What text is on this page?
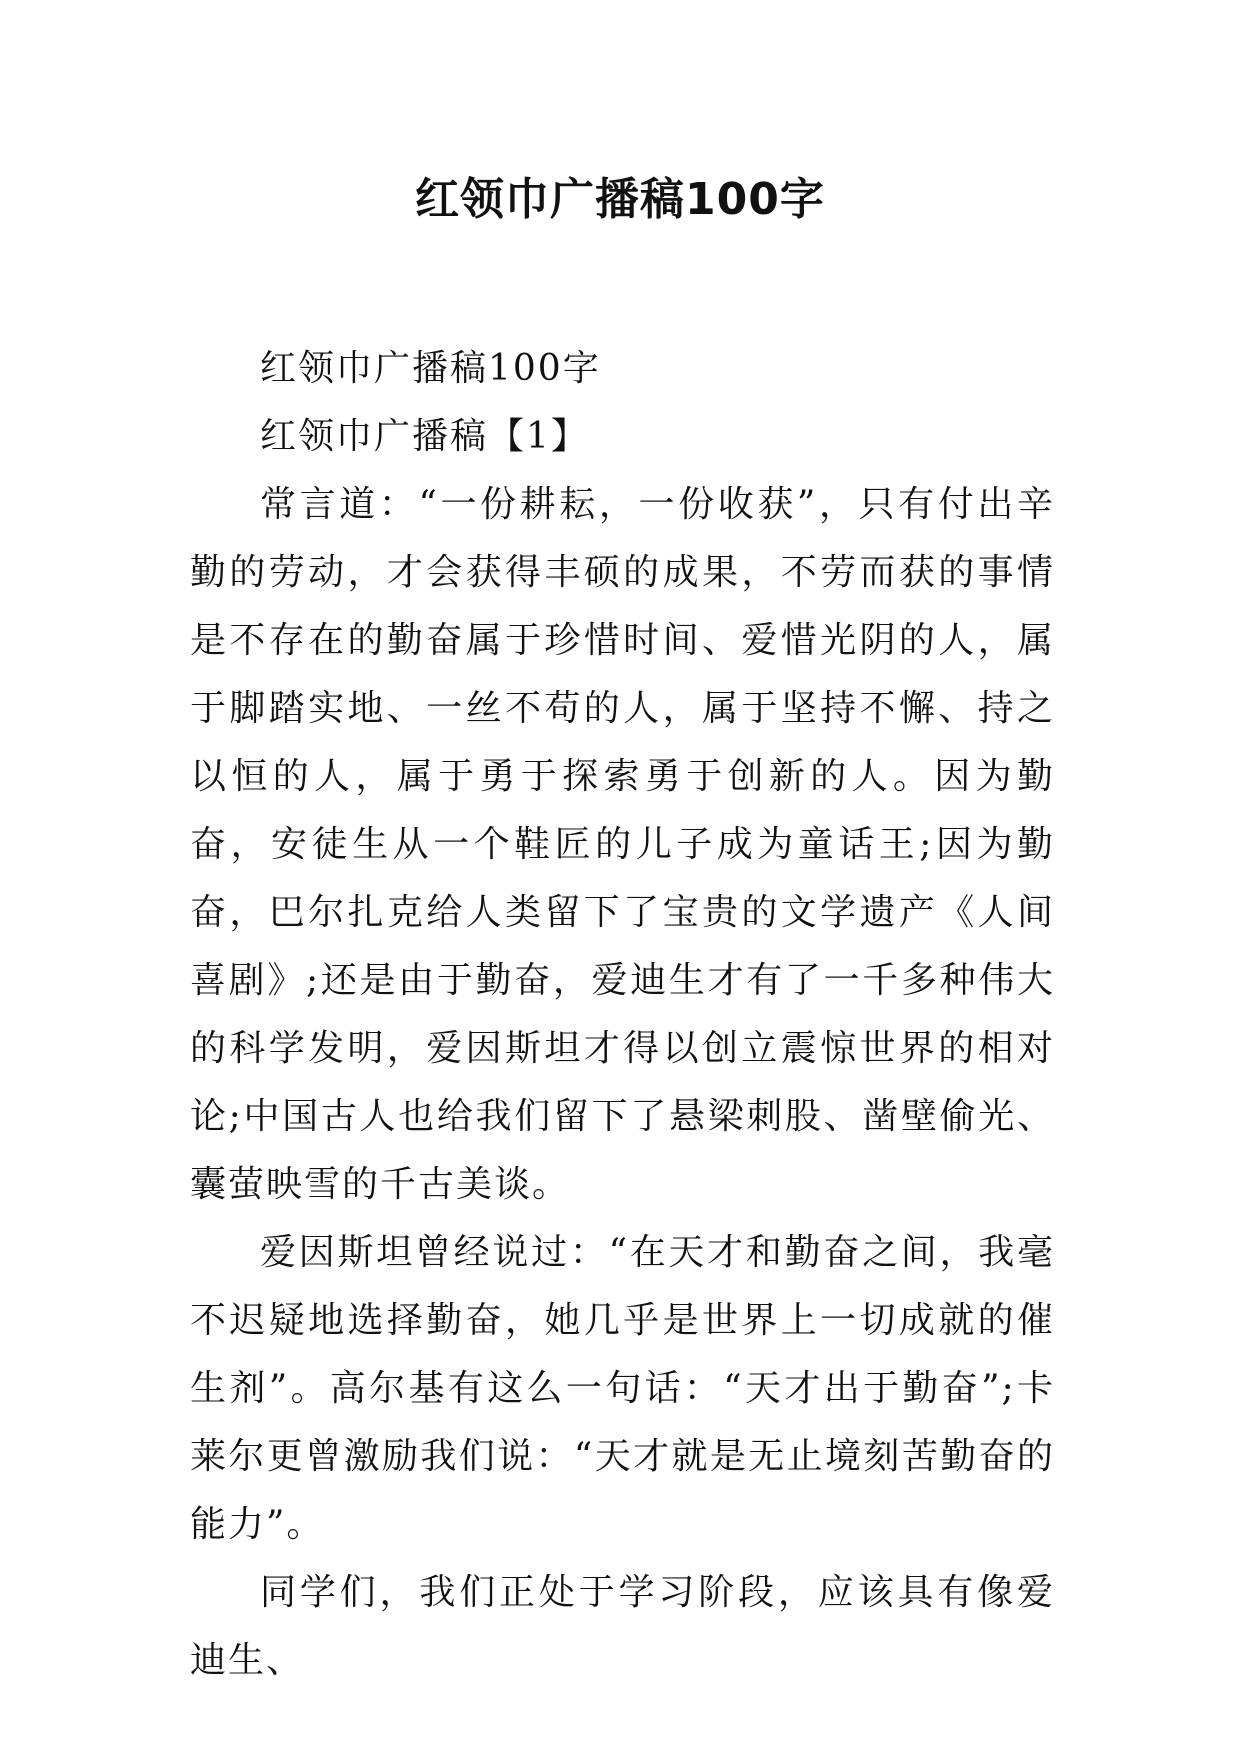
红领巾广播稿100字

红领巾广播稿100字

红领巾广播稿【1】

常言道：“一份耕耘，一份收获”，只有付出辛勤的劳动，才会获得丰硕的成果，不劳而获的事情是不存在的勤奋属于珍惜时间、爱惜光阴的人，属于脚踏实地、一丝不苟的人，属于坚持不懈、持之以恒的人，属于勇于探索勇于创新的人。因为勤奋，安徒生从一个鞋匠的儿子成为童话王;因为勤奋，巴尔扎克给人类留下了宝贵的文学遗产《人间喜剧》;还是由于勤奋，爱迪生才有了一千多种伟大的科学发明，爱因斯坦才得以创立震惊世界的相对论;中国古人也给我们留下了悬梁刺股、凿壁偷光、囊萤映雪的千古美谈。

爱因斯坦曾经说过：“在天才和勤奋之间，我毫不迟疑地选择勤奋，她几乎是世界上一切成就的催生剂”。高尔基有这么一句话：“天才出于勤奋”;卡莱尔更曾激励我们说：“天才就是无止境刻苦勤奋的能力”。

同学们，我们正处于学习阶段，应该具有像爱迪生、
